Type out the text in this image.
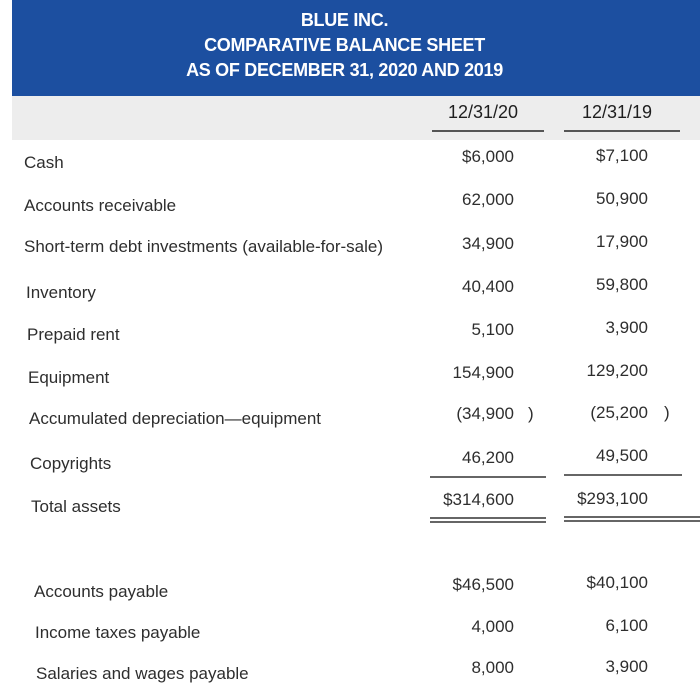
BLUE INC.
COMPARATIVE BALANCE SHEET
AS OF DECEMBER 31, 2020 AND 2019
12/31/20	12/31/19
Cash	$6,000	$7,100
Accounts receivable	62,000	50,900
Short-term debt investments (available-for-sale)	34,900	17,900
Inventory	40,400	59,800
Prepaid rent	5,100	3,900
Equipment	154,900	129,200
Accumulated depreciation—equipment	(34,900 )	(25,200 )
Copyrights	46,200	49,500
Total assets	$314,600	$293,100
Accounts payable	$46,500	$40,100
Income taxes payable	4,000	6,100
Salaries and wages payable	8,000	3,900
